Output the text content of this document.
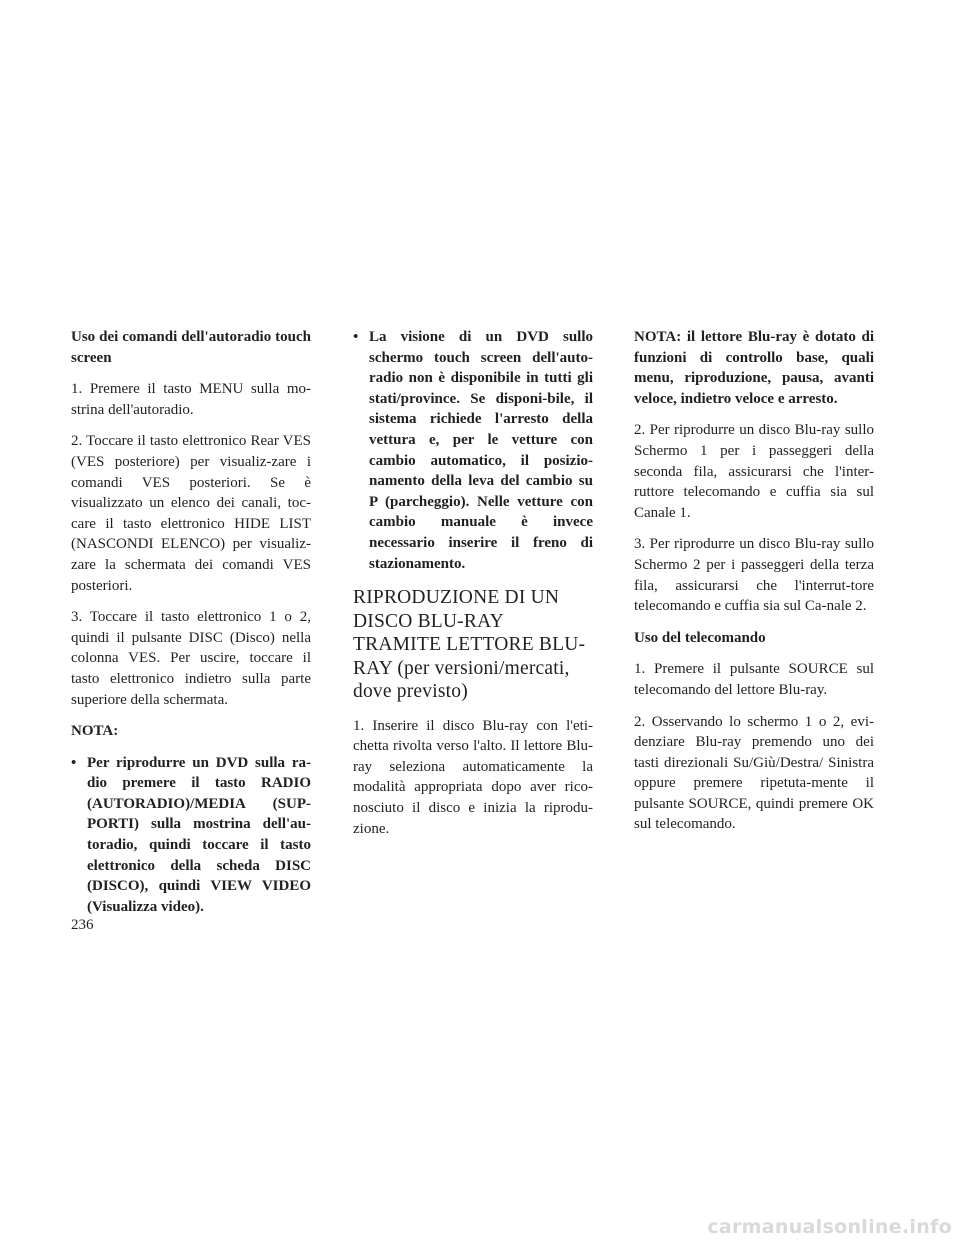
Uso dei comandi dell'autoradio touch screen

1. Premere il tasto MENU sulla mo-strina dell'autoradio.

2. Toccare il tasto elettronico Rear VES (VES posteriore) per visualiz-zare i comandi VES posteriori. Se è visualizzato un elenco dei canali, toc-care il tasto elettronico HIDE LIST (NASCONDI ELENCO) per visualiz-zare la schermata dei comandi VES posteriori.

3. Toccare il tasto elettronico 1 o 2, quindi il pulsante DISC (Disco) nella colonna VES. Per uscire, toccare il tasto elettronico indietro sulla parte superiore della schermata.

NOTA:

• Per riprodurre un DVD sulla ra-dio premere il tasto RADIO (AUTORADIO)/MEDIA (SUP-PORTI) sulla mostrina dell'au-toradio, quindi toccare il tasto elettronico della scheda DISC (DISCO), quindi VIEW VIDEO (Visualizza video).
• La visione di un DVD sullo schermo touch screen dell'auto-radio non è disponibile in tutti gli stati/province. Se disponi-bile, il sistema richiede l'arresto della vettura e, per le vetture con cambio automatico, il posizio-namento della leva del cambio su P (parcheggio). Nelle vetture con cambio manuale è invece necessario inserire il freno di stazionamento.
RIPRODUZIONE DI UN DISCO BLU-RAY TRAMITE LETTORE BLU-RAY (per versioni/mercati, dove previsto)

1. Inserire il disco Blu-ray con l'eti-chetta rivolta verso l'alto. Il lettore Blu-ray seleziona automaticamente la modalità appropriata dopo aver rico-nosciuto il disco e inizia la riprodu-zione.

NOTA: il lettore Blu-ray è dotato di funzioni di controllo base, quali menu, riproduzione, pausa, avanti veloce, indietro veloce e arresto.

2. Per riprodurre un disco Blu-ray sullo Schermo 1 per i passeggeri della seconda fila, assicurarsi che l'inter-ruttore telecomando e cuffia sia sul Canale 1.

3. Per riprodurre un disco Blu-ray sullo Schermo 2 per i passeggeri della terza fila, assicurarsi che l'interrut-tore telecomando e cuffia sia sul Ca-nale 2.

Uso del telecomando

1. Premere il pulsante SOURCE sul telecomando del lettore Blu-ray.

2. Osservando lo schermo 1 o 2, evi-denziare Blu-ray premendo uno dei tasti direzionali Su/Giù/Destra/ Sinistra oppure premere ripetuta-mente il pulsante SOURCE, quindi premere OK sul telecomando.

236
carmanualsonline.info
